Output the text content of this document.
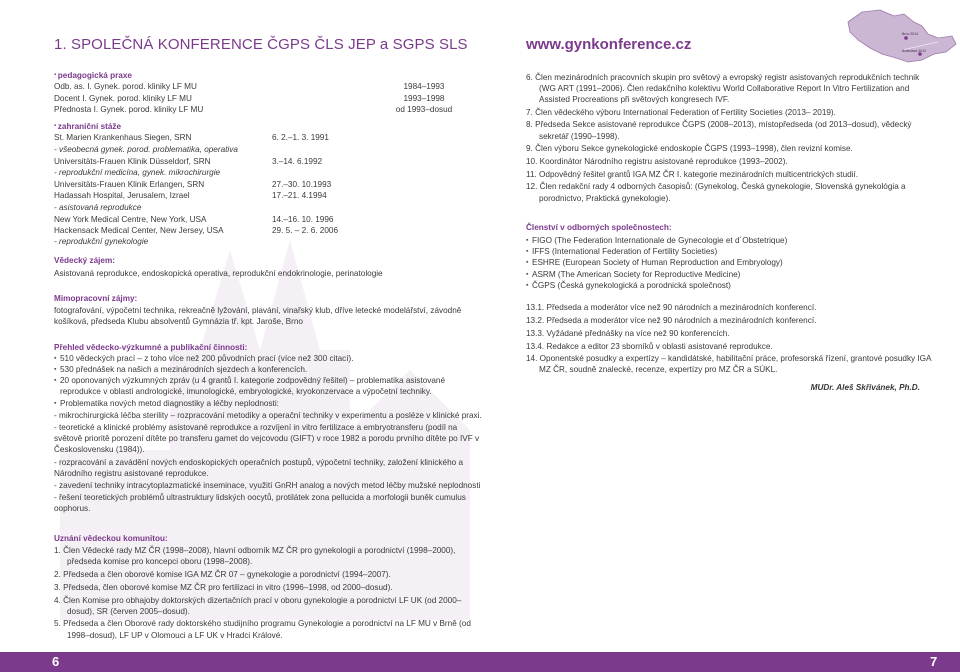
1. SPOLEČNÁ KONFERENCE ČGPS ČLS JEP a SGPS SLS	www.gynkonference.cz
Brno 2014
Bratislava 2012
▪ pedagogická praxe
Odb. as. I. Gynek. porod. kliniky LF MU	1984–1993
Docent I. Gynek. porod. kliniky LF MU	1993–1998
Přednosta I. Gynek. porod. kliniky LF MU	od 1993–dosud
▪ zahraniční stáže
St. Marien Krankenhaus Siegen, SRN	6. 2.–1. 3. 1991
- všeobecná gynek. porod. problematika, operativa
Universitäts-Frauen Klinik Düsseldorf, SRN	3.–14. 6.1992
- reprodukční medicína, gynek. mikrochirurgie
Universitäts-Frauen Klinik Erlangen, SRN	27.–30. 10.1993
Hadassah Hospital, Jerusalem, Izrael	17.–21. 4.1994
- asistovaná reprodukce
New York Medical Centre, New York, USA	14.–16. 10. 1996
Hackensack Medical Center, New Jersey, USA	29. 5. – 2. 6. 2006
- reprodukční gynekologie
Vědecký zájem:
Asistovaná reprodukce, endoskopická operativa, reprodukční endokrinologie, perinatologie
Mimopracovní zájmy:
fotografování, výpočetní technika, rekreačně lyžování, plavání, vinařský klub, dříve letecké modelářství, závodně košíková, předseda Klubu absolventů Gymnázia tř. kpt. Jaroše, Brno
Přehled vědecko-výzkumné a publikační činnosti:
▪ 510 vědeckých prací – z toho více než 200 původních prací (více než 300 citací).
▪ 530 přednášek na našich a mezinárodních sjezdech a konferencích.
▪ 20 oponovaných výzkumných zpráv (u 4 grantů I. kategorie zodpovědný řešitel) – problematika asistované reprodukce v oblasti andrologické, imunologické, embryologické, kryokonzervace a výpočetní techniky.
▪ Problematika nových metod diagnostiky a léčby neplodnosti:
- mikrochirurgická léčba sterility – rozpracování metodiky a operační techniky v experimentu a posléze v klinické praxi.
- teoretické a klinické problémy asistované reprodukce a rozvíjení in vitro fertilizace a embryotransferu (podíl na světově prioritě porození dítěte po transferu gamet do vejcovodu (GIFT) v roce 1982 a porodu prvního dítěte po IVF v Československu (1984)).
- rozpracování a zavádění nových endoskopických operačních postupů, výpočetní techniky, založení klinického a Národního registru asistované reprodukce.
- zavedení techniky intracytoplazmatické inseminace, využití GnRH analog a nových metod léčby mužské neplodnosti
- řešení teoretických problémů ultrastruktury lidských oocytů, protilátek zona pellucida a morfologii buněk cumulus oophorus.
Uznání vědeckou komunitou:
1. Člen Vědecké rady MZ ČR (1998–2008), hlavní odborník MZ ČR pro gynekologii a porodnictví (1998–2000), předseda komise pro koncepci oboru (1998–2008).
2. Předseda a člen oborové komise IGA MZ ČR 07 – gynekologie a porodnictví (1994–2007).
3. Předseda, člen oborové komise MZ ČR pro fertilizaci in vitro (1996–1998, od 2000–dosud).
4. Člen Komise pro obhajoby doktorských dizertačních prací v oboru gynekologie a porodnictví LF UK (od 2000–dosud), SR (červen 2005–dosud).
5. Předseda a člen Oborové rady doktorského studijního programu Gynekologie a porodnictví na LF MU v Brně (od 1998–dosud), LF UP v Olomouci a LF UK v Hradci Králové.
6. Člen mezinárodních pracovních skupin pro světový a evropský registr asistovaných reprodukčních technik (WG ART (1991–2006). Člen redakčního kolektivu World Collaborative Report In Vitro Fertilization and Assisted Procreations při světových kongresech IVF.
7. Člen vědeckého výboru International Federation of Fertility Societies (2013– 2019).
8. Předseda Sekce asistované reprodukce ČGPS (2008–2013), místopředseda (od 2013–dosud), vědecký sekretář (1990–1998).
9. Člen výboru Sekce gynekologické endoskopie ČGPS (1993–1998), člen revizní komise.
10. Koordinátor Národního registru asistované reprodukce (1993–2002).
11. Odpovědný řešitel grantů IGA MZ ČR I. kategorie mezinárodních multicentrických studií.
12. Člen redakční rady 4 odborných časopisů: (Gynekolog, Česká gynekologie, Slovenská gynekológia a porodnictvo, Praktická gynekologie).
Členství v odborných společnostech:
▪ FIGO (The Federation Internationale de Gynecologie et d´Obstetrique)
▪ IFFS (International Federation of Fertility Societies)
▪ ESHRE (European Society of Human Reproduction and Embryology)
▪ ASRM (The American Society for Reproductive Medicine)
▪ ČGPS (Česká gynekologická a porodnická společnost)
13.1. Předseda a moderátor více než 90 národních a mezinárodních konferencí.
13.2. Předseda a moderátor více než 90 národních a mezinárodních konferencí.
13.3. Vyžádané přednášky na více než 90 konferencích.
13.4. Redakce a editor 23 sborníků v oblasti asistované reprodukce.
14. Oponentské posudky a expertízy – kandidátské, habilitační práce, profesorská řízení, grantové posudky IGA MZ ČR, soudně znalecké, recenze, expertízy pro MZ ČR a SÚKL.
MUDr. Aleš Skřivánek, Ph.D.
6	7
